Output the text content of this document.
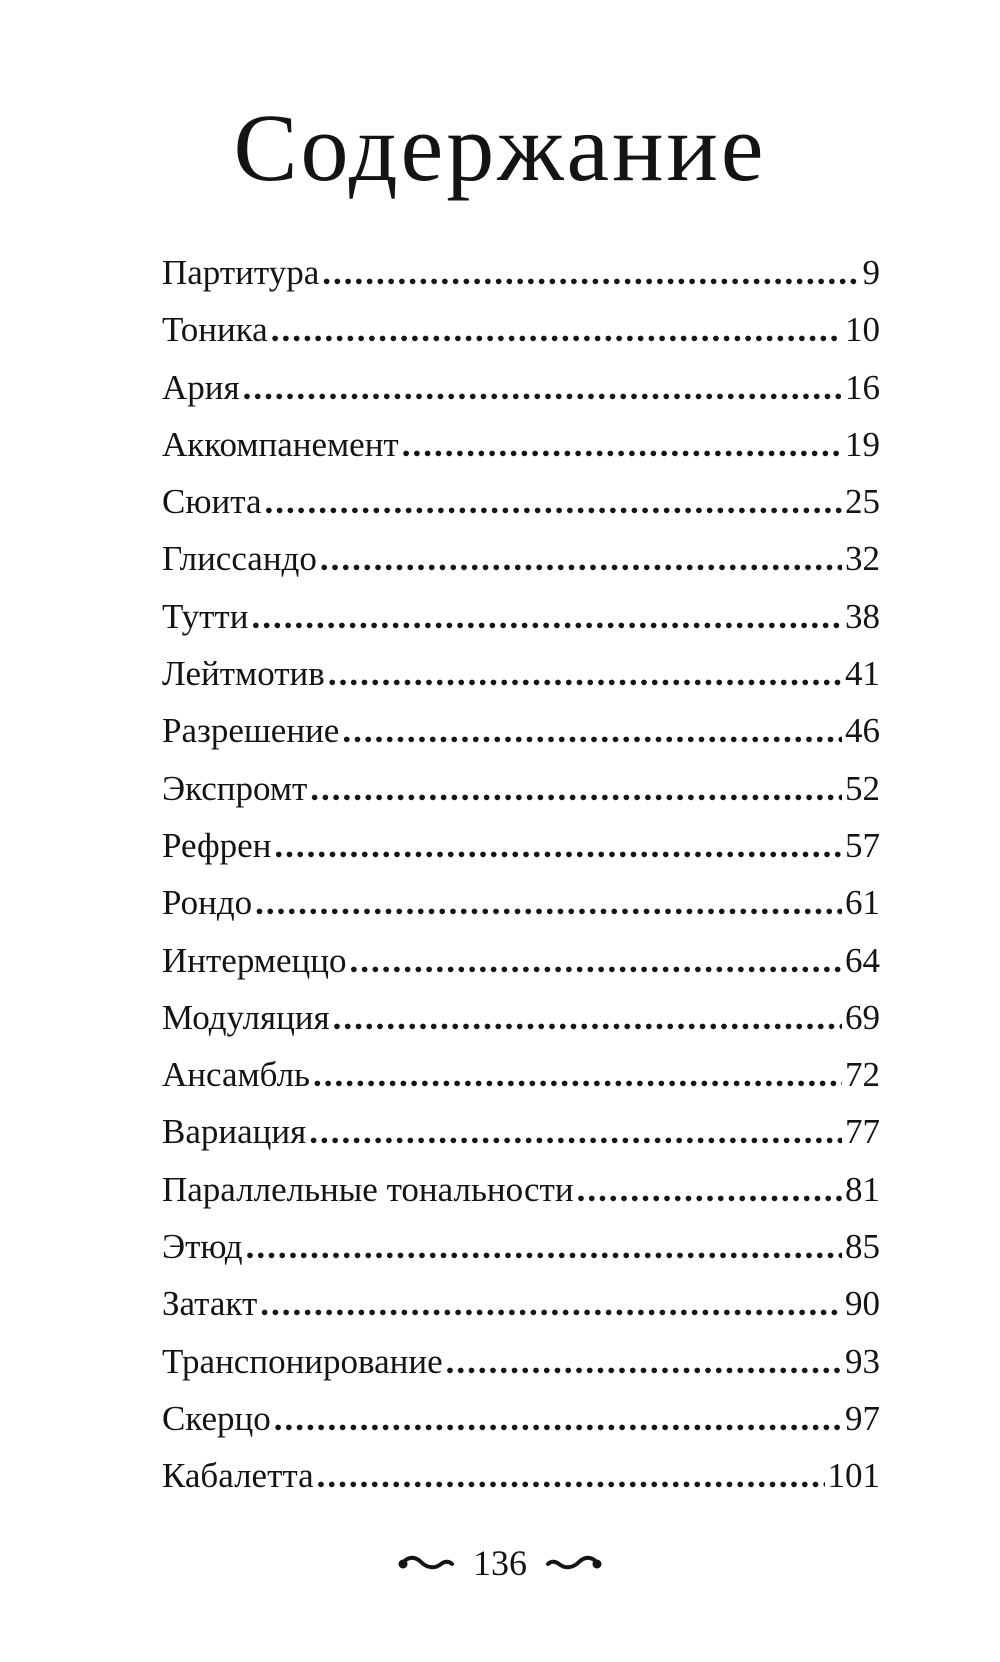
Содержание
Партитура .....	9
Тоника .....	10
Ария .....	16
Аккомпанемент .....	19
Сюита .....	25
Глиссандо .....	32
Тутти .....	38
Лейтмотив .....	41
Разрешение .....	46
Экспромт .....	52
Рефрен .....	57
Рондо .....	61
Интермеццо .....	64
Модуляция .....	69
Ансамбль .....	72
Вариация .....	77
Параллельные тональности .....	81
Этюд .....	85
Затакт .....	90
Транспонирование .....	93
Скерцо .....	97
Кабалетта .....	101
136
